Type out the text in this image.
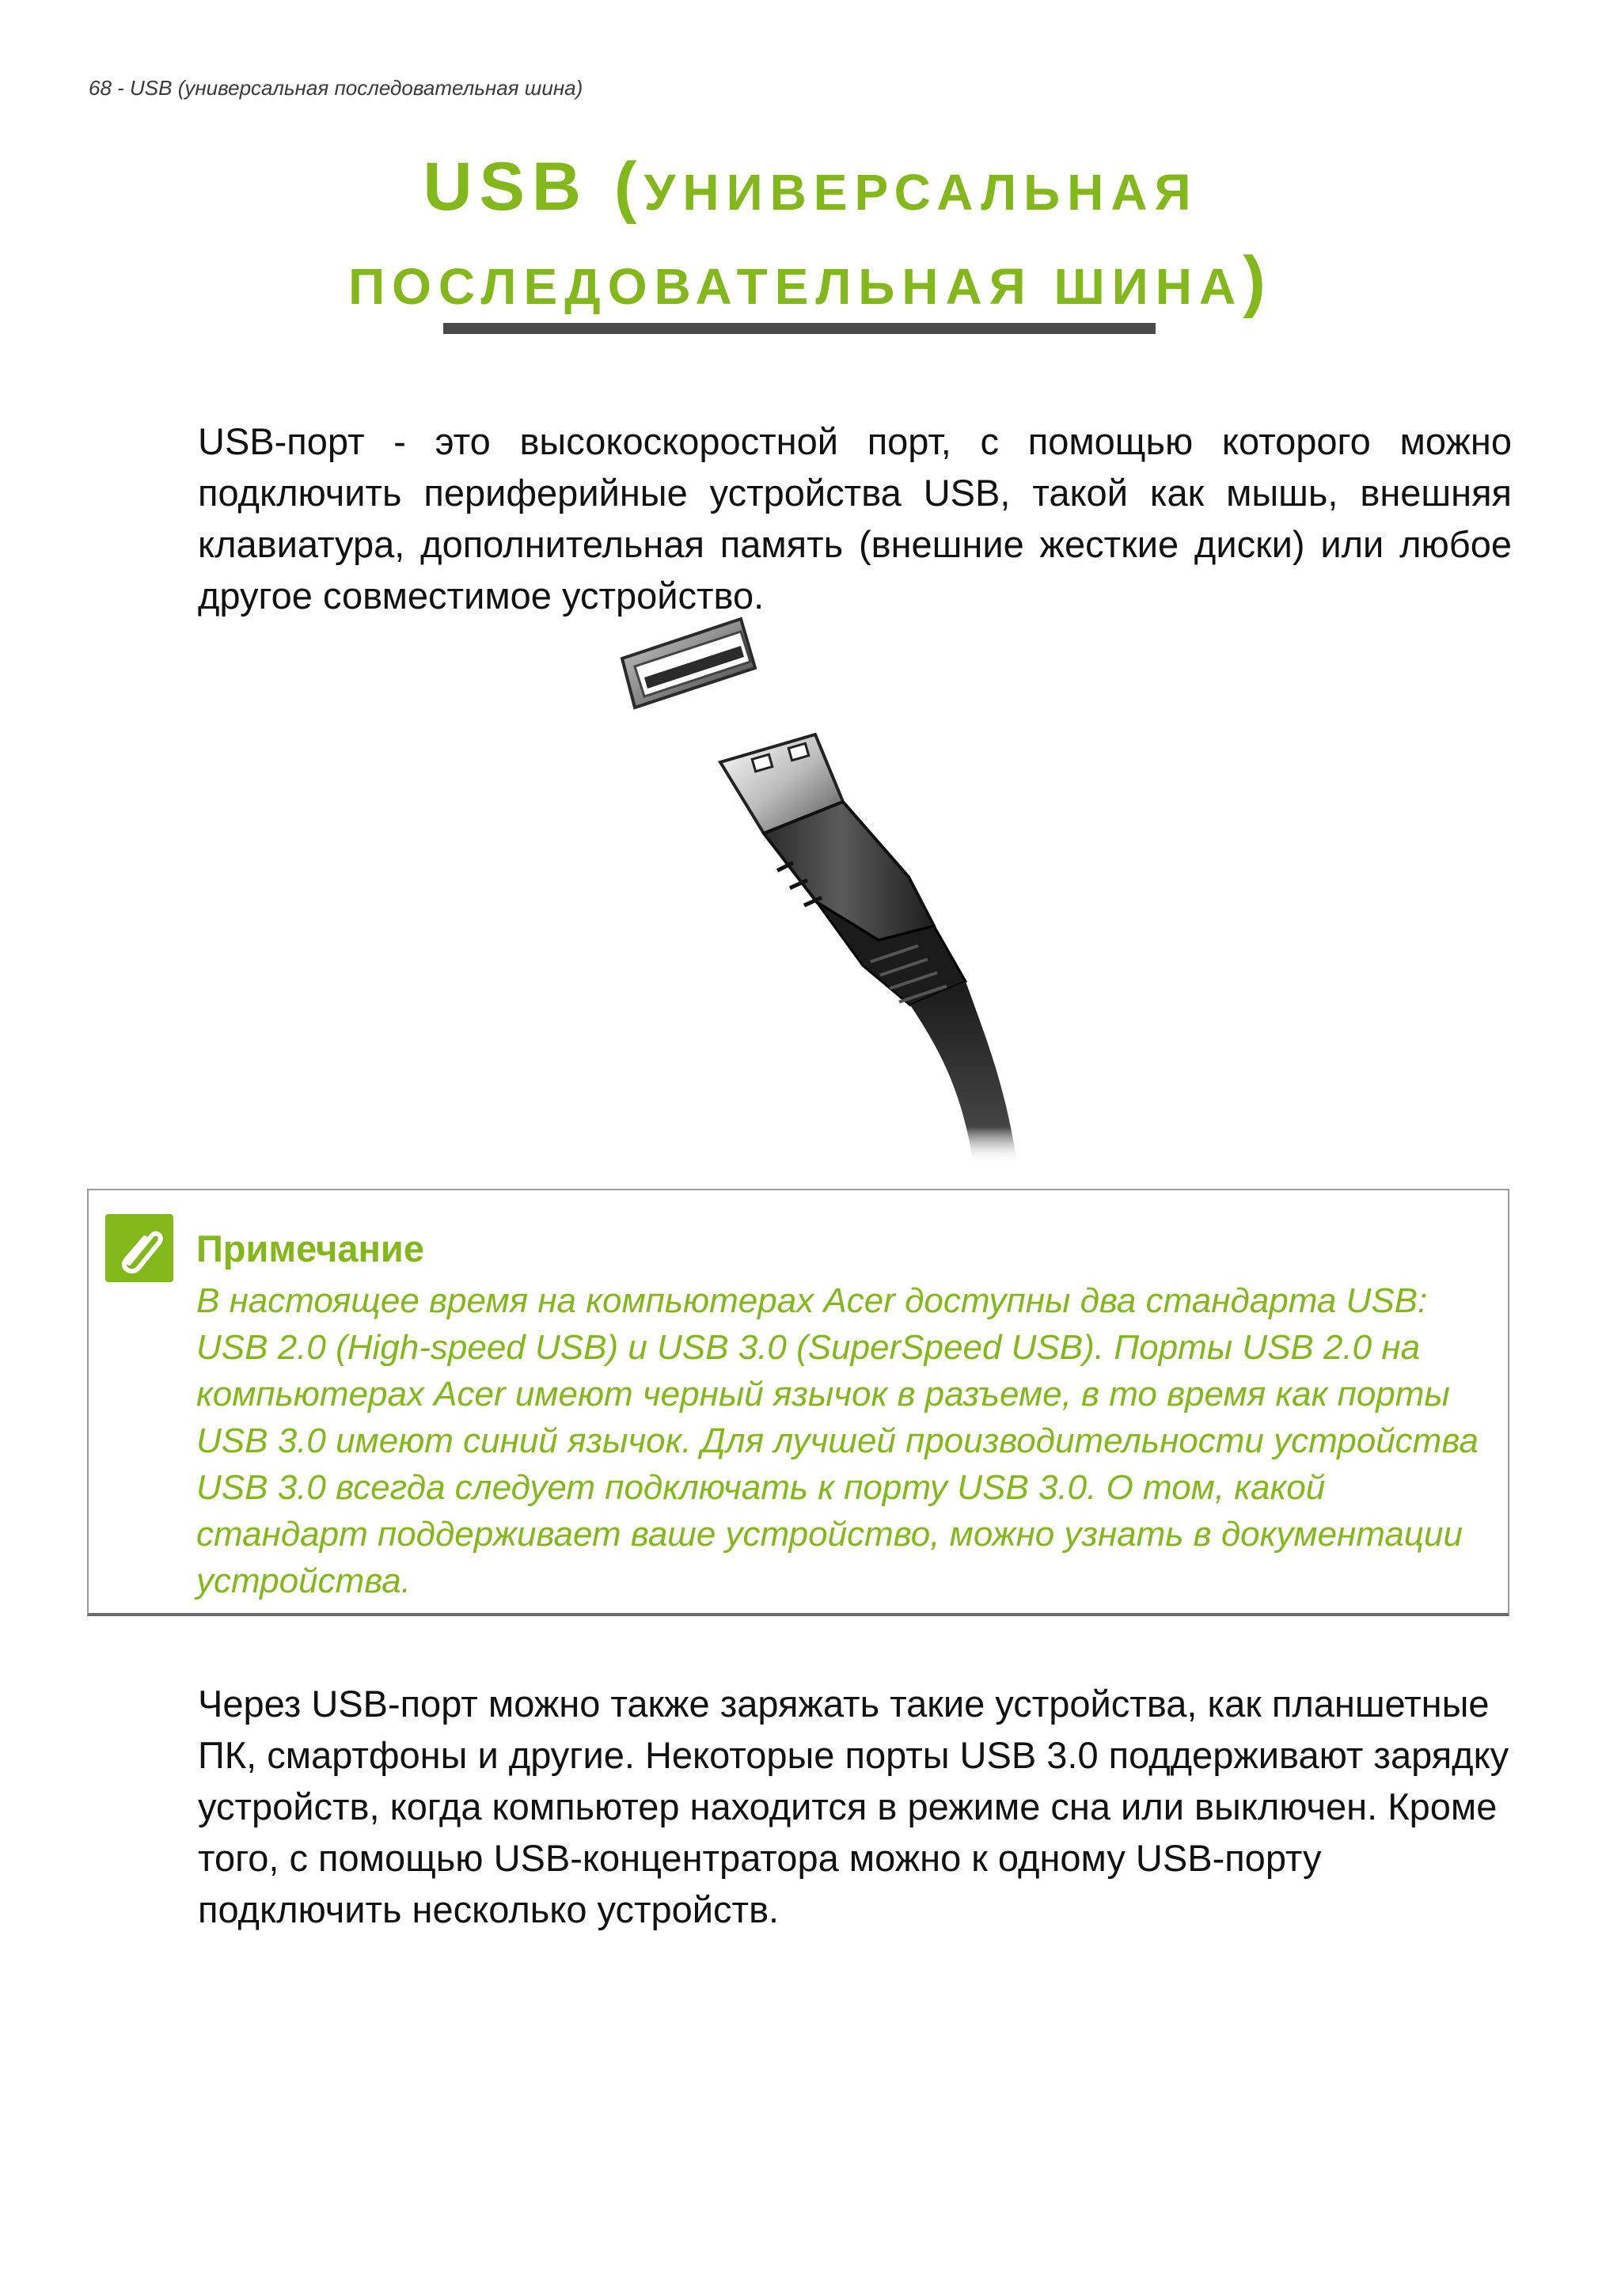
68 - USB (универсальная последовательная шина)
USB (УНИВЕРСАЛЬНАЯ
ПОСЛЕДОВАТЕЛЬНАЯ ШИНА)

USB-порт - это высокоскоростной порт, с помощью которого можно подключить периферийные устройства USB, такой как мышь, внешняя клавиатура, дополнительная память (внешние жесткие диски) или любое другое совместимое устройство.

Примечание
В настоящее время на компьютерах Acer доступны два стандарта USB: USB 2.0 (High-speed USB) и USB 3.0 (SuperSpeed USB). Порты USB 2.0 на компьютерах Acer имеют черный язычок в разъеме, в то время как порты USB 3.0 имеют синий язычок. Для лучшей производительности устройства USB 3.0 всегда следует подключать к порту USB 3.0. О том, какой стандарт поддерживает ваше устройство, можно узнать в документации устройства.

Через USB-порт можно также заряжать такие устройства, как планшетные ПК, смартфоны и другие. Некоторые порты USB 3.0 поддерживают зарядку устройств, когда компьютер находится в режиме сна или выключен. Кроме того, с помощью USB-концентратора можно к одному USB-порту подключить несколько устройств.
